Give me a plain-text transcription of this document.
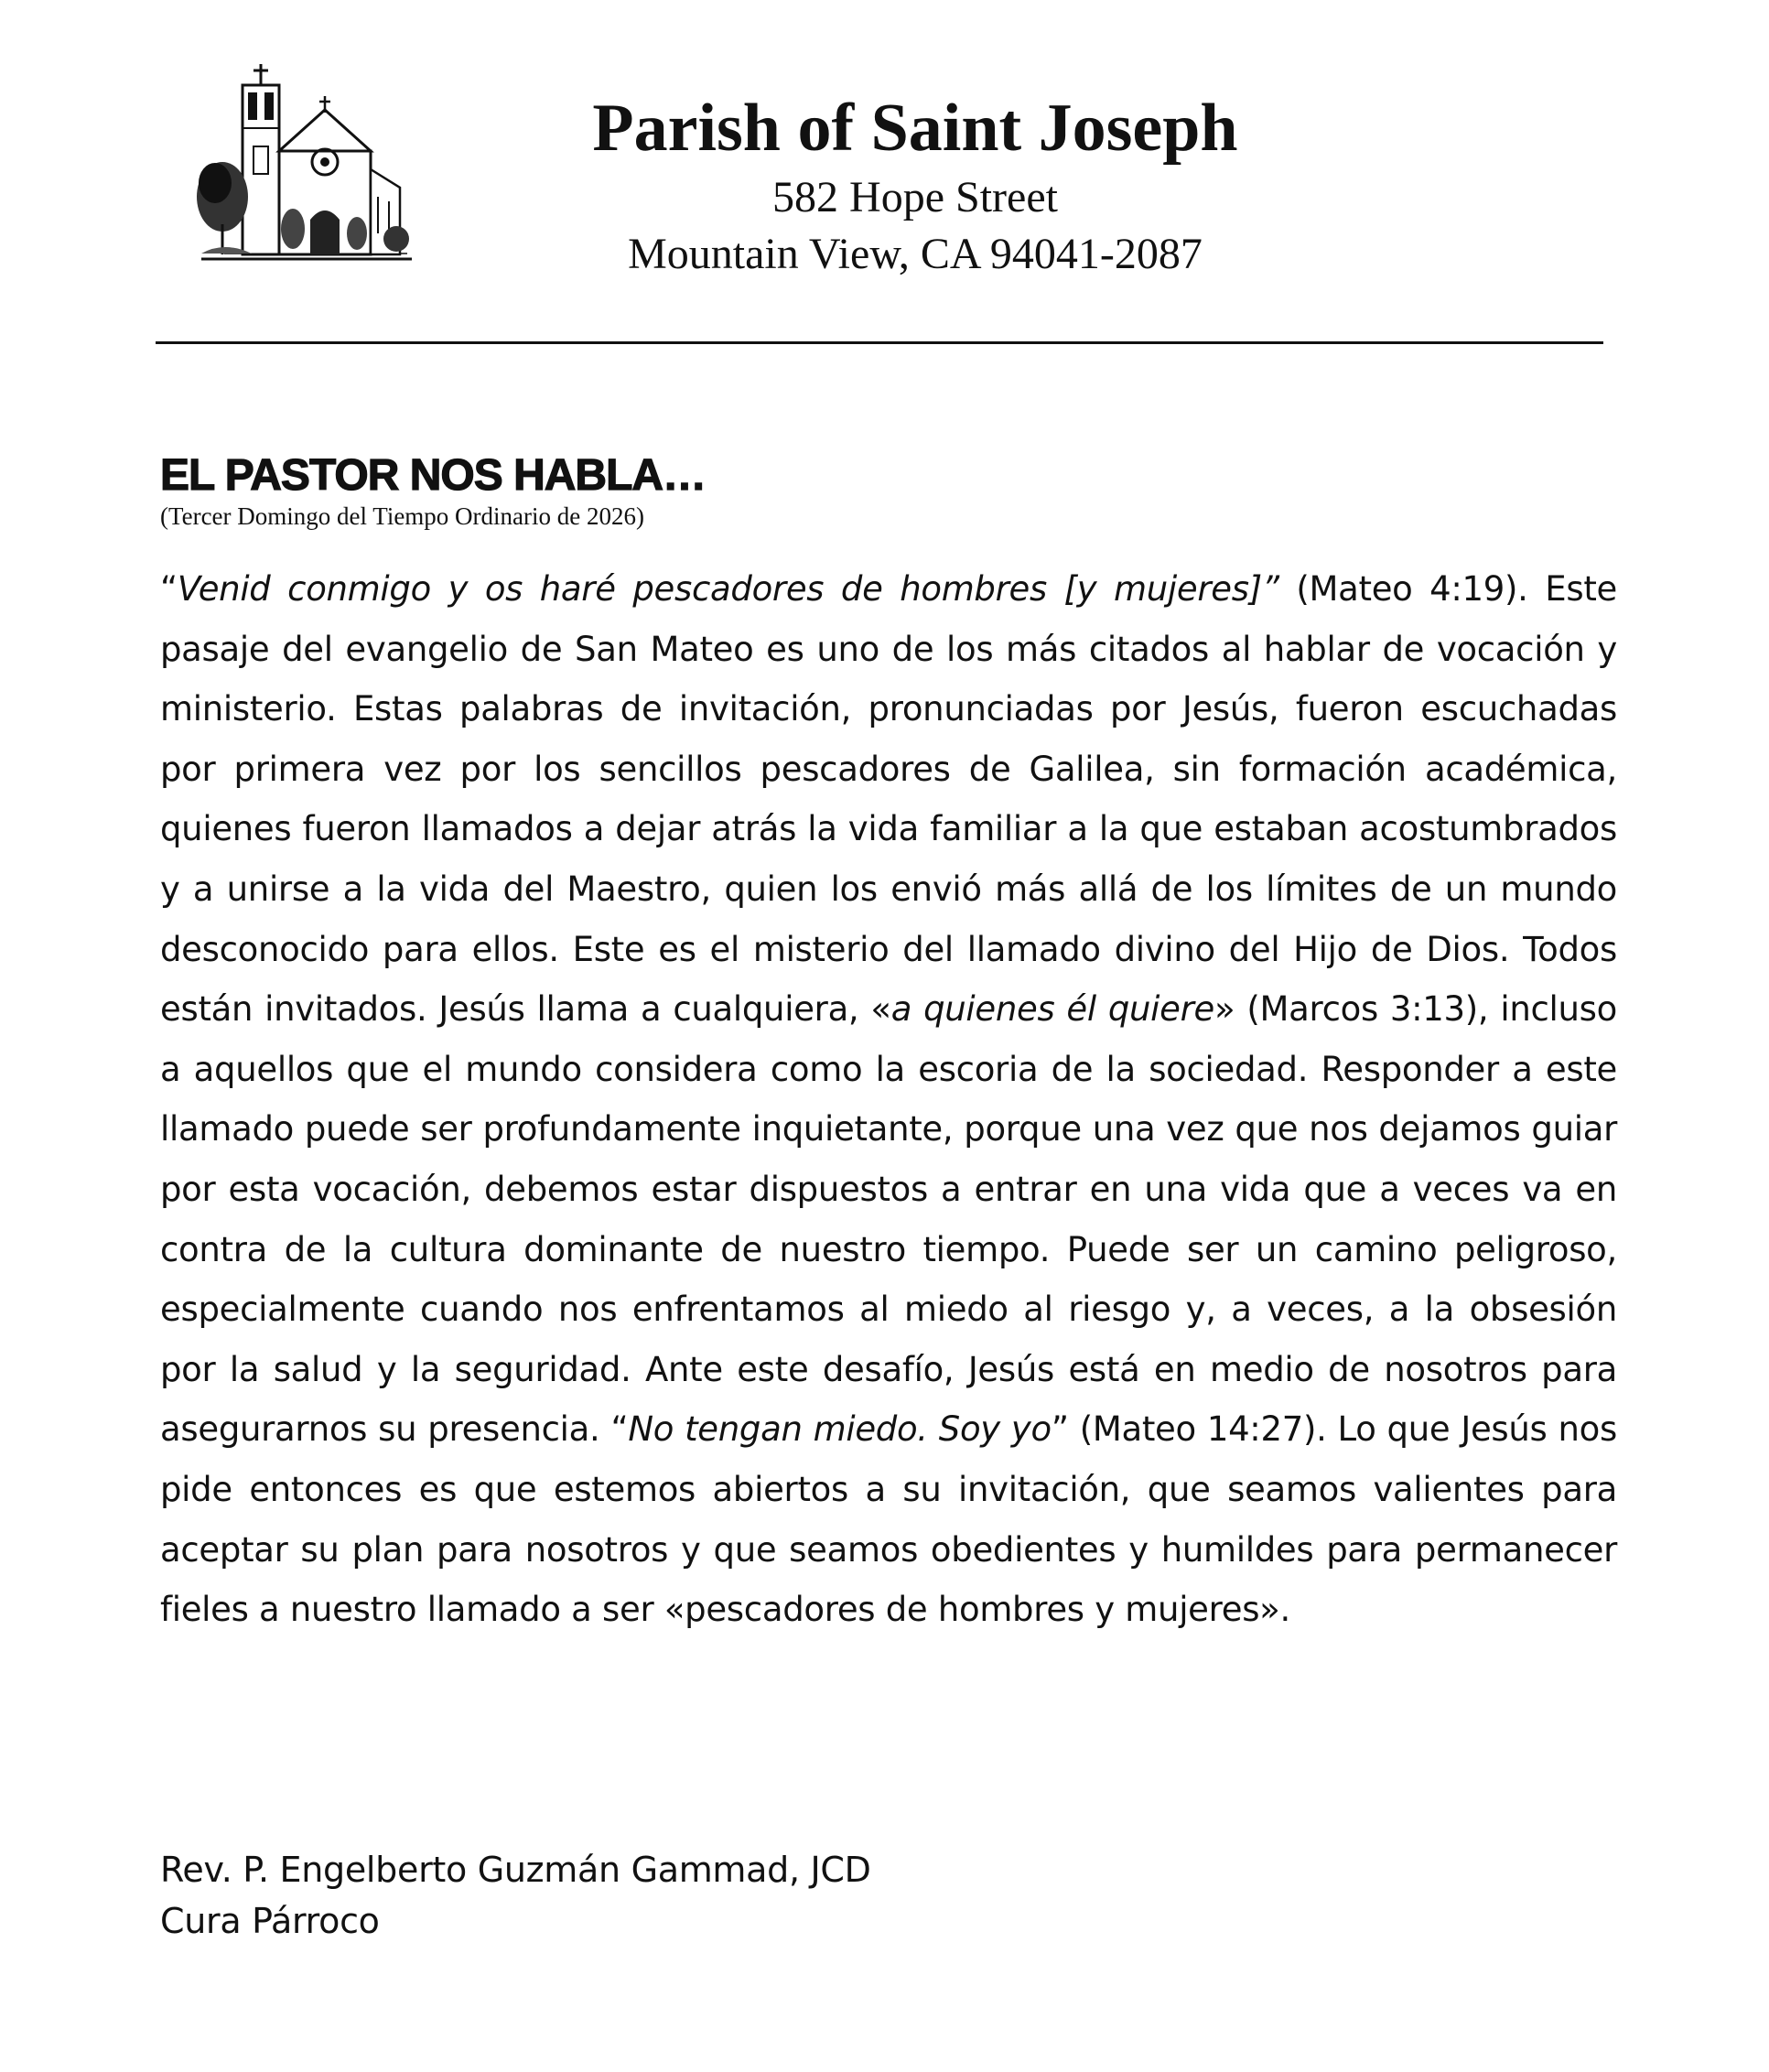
Parish of Saint Joseph

582 Hope Street

Mountain View, CA 94041-2087

EL PASTOR NOS HABLA…

(Tercer Domingo del Tiempo Ordinario de 2026)

“Venid conmigo y os haré pescadores de hombres [y mujeres]” (Mateo 4:19). Este pasaje del evangelio de San Mateo es uno de los más citados al hablar de vocación y ministerio. Estas palabras de invitación, pronunciadas por Jesús, fueron escuchadas por primera vez por los sencillos pescadores de Galilea, sin formación académica, quienes fueron llamados a dejar atrás la vida familiar a la que estaban acostumbrados y a unirse a la vida del Maestro, quien los envió más allá de los límites de un mundo desconocido para ellos. Este es el misterio del llamado divino del Hijo de Dios. Todos están invitados. Jesús llama a cualquiera, «a quienes él quiere» (Marcos 3:13), incluso a aquellos que el mundo considera como la escoria de la sociedad. Responder a este llamado puede ser profundamente inquietante, porque una vez que nos dejamos guiar por esta vocación, debemos estar dispuestos a entrar en una vida que a veces va en contra de la cultura dominante de nuestro tiempo. Puede ser un camino peligroso, especialmente cuando nos enfrentamos al miedo al riesgo y, a veces, a la obsesión por la salud y la seguridad. Ante este desafío, Jesús está en medio de nosotros para asegurarnos su presencia. “No tengan miedo. Soy yo” (Mateo 14:27). Lo que Jesús nos pide entonces es que estemos abiertos a su invitación, que seamos valientes para aceptar su plan para nosotros y que seamos obedientes y humildes para permanecer fieles a nuestro llamado a ser «pescadores de hombres y mujeres».

Rev. P. Engelberto Guzmán Gammad, JCD
Cura Párroco
